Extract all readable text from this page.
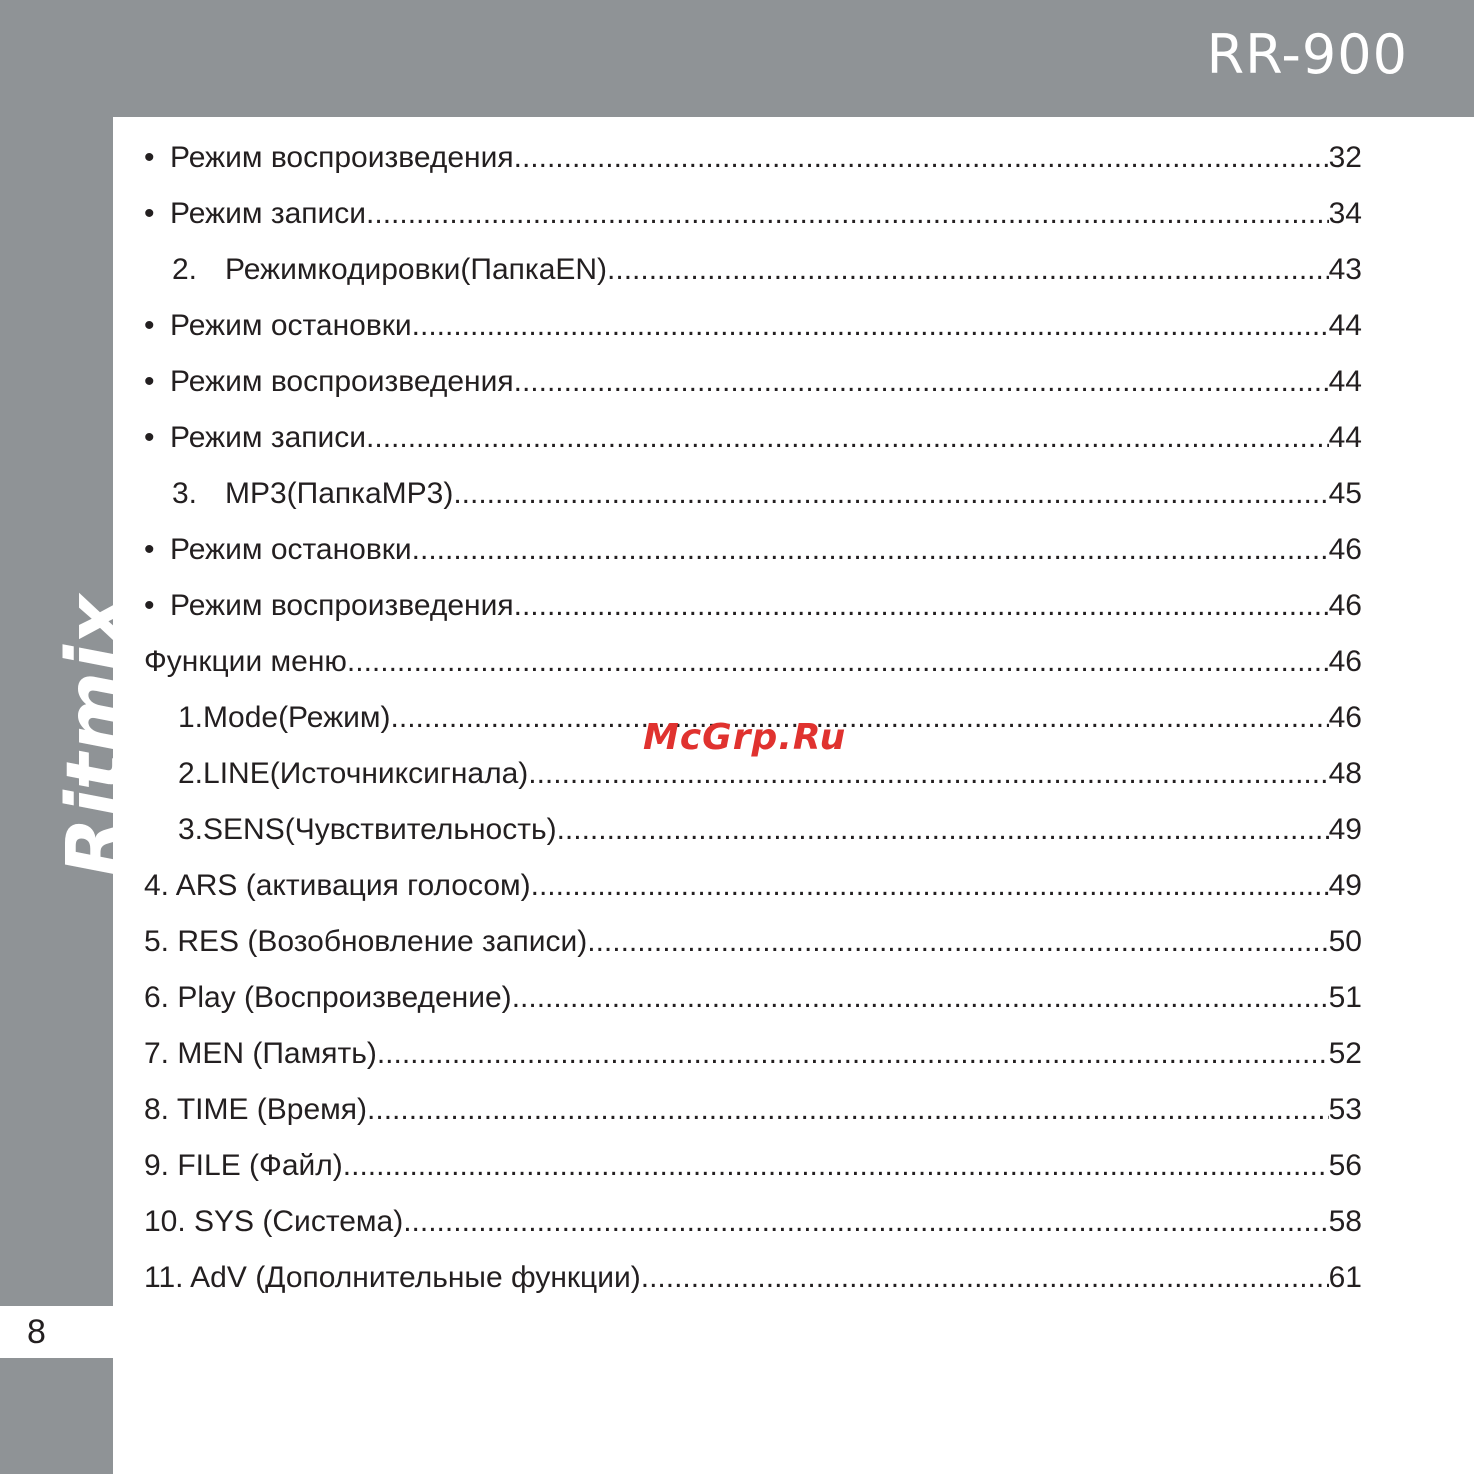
RR-900
Ritmix
8
• Режим воспроизведения .....	32
• Режим записи .....	34
2. Режимкодировки(ПапкаEN) .....	43
• Режим остановки .....	44
• Режим воспроизведения .....	44
• Режим записи .....	44
3. MP3(ПапкаMP3) .....	45
• Режим остановки .....	46
• Режим воспроизведения .....	46
Функции меню .....	46
1.Mode(Режим) .....	46
2.LINE(Источниксигнала) .....	48
3.SENS(Чувствительность) .....	49
4. ARS (активация голосом) .....	49
5. RES (Возобновление записи) .....	50
6. Play (Воспроизведение) .....	51
7. MEN (Память) .....	52
8. TIME (Время) .....	53
9. FILE (Файл) .....	56
10. SYS (Система) .....	58
11. AdV (Дополнительные функции) .....	61
McGrp.Ru
